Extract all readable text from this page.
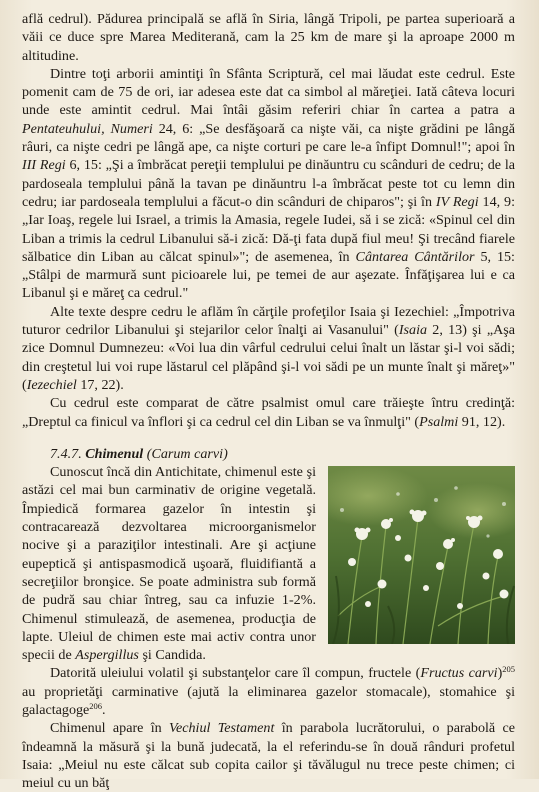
află cedrul). Pădurea principală se află în Siria, lângă Tripoli, pe partea superioară a văii ce duce spre Marea Mediterană, cam la 25 km de mare şi la aproape 2000 m altitudine.

Dintre toţi arborii amintiţi în Sfânta Scriptură, cel mai lăudat este cedrul. Este pomenit cam de 75 de ori, iar adesea este dat ca simbol al măreţiei. Iată câteva locuri unde este amintit cedrul. Mai întâi găsim referiri chiar în cartea a patra a Pentateuhului, Numeri 24, 6: „Se desfăşoară ca nişte văi, ca nişte grădini pe lângă râuri, ca nişte cedri pe lângă ape, ca nişte corturi pe care le-a înfipt Domnul!"; apoi în III Regi 6, 15: „Şi a îmbrăcat pereţii templului pe dinăuntru cu scânduri de cedru; de la pardoseala templului până la tavan pe dinăuntru l-a îmbrăcat peste tot cu lemn din cedru; iar pardoseala templului a făcut-o din scânduri de chiparos"; şi în IV Regi 14, 9: „Iar Ioaş, regele lui Israel, a trimis la Amasia, regele Iudei, să i se zică: «Spinul cel din Liban a trimis la cedrul Libanului să-i zică: Dă-ţi fata după fiul meu! Şi trecând fiarele sălbatice din Liban au călcat spinul»"; de asemenea, în Cântarea Cântărilor 5, 15: „Stâlpi de marmură sunt picioarele lui, pe temei de aur aşezate. Înfăţişarea lui e ca Libanul şi e măreţ ca cedrul."

Alte texte despre cedru le aflăm în cărţile profeţilor Isaia şi Iezechiel: „Împotriva tuturor cedrilor Libanului şi stejarilor celor înalţi ai Vasanului" (Isaia 2, 13) şi „Aşa zice Domnul Dumnezeu: «Voi lua din vârful cedrului celui înalt un lăstar şi-l voi sădi; din creştetul lui voi rupe lăstarul cel plăpând şi-l voi sădi pe un munte înalt şi măreţ»" (Iezechiel 17, 22).

Cu cedrul este comparat de către psalmist omul care trăieşte întru credinţă: „Dreptul ca finicul va înflori şi ca cedrul cel din Liban se va înmulţi" (Psalmi 91, 12).

7.4.7. Chimenul (Carum carvi)

Cunoscut încă din Antichitate, chimenul este şi astăzi cel mai bun carminativ de origine vegetală. Împiedică formarea gazelor în intestin şi contracarează dezvoltarea microorganismelor nocive şi a paraziţilor intestinali. Are şi acţiune eupeptică şi antispasmodică uşoară, fluidifiantă a secreţiilor bronşice. Se poate administra sub formă de pudră sau chiar întreg, sau ca infuzie 1-2%. Chimenul stimulează, de asemenea, producţia de lapte. Uleiul de chimen este mai activ contra unor specii de Aspergillus şi Candida.

Datorită uleiului volatil şi substanţelor care îl compun, fructele (Fructus carvi)$^{205}$ au proprietăţi carminative (ajută la eliminarea gazelor stomacale), stomahice şi galactagoge$^{206}$.

Chimenul apare în Vechiul Testament în parabola lucrătorului, o parabolă ce îndeamnă la măsură şi la bună judecată, la el referindu-se în două rânduri profetul Isaia: „Meiul nu este călcat sub copita cailor şi tăvălugul nu trece peste chimen; ci meiul cu un băţ
